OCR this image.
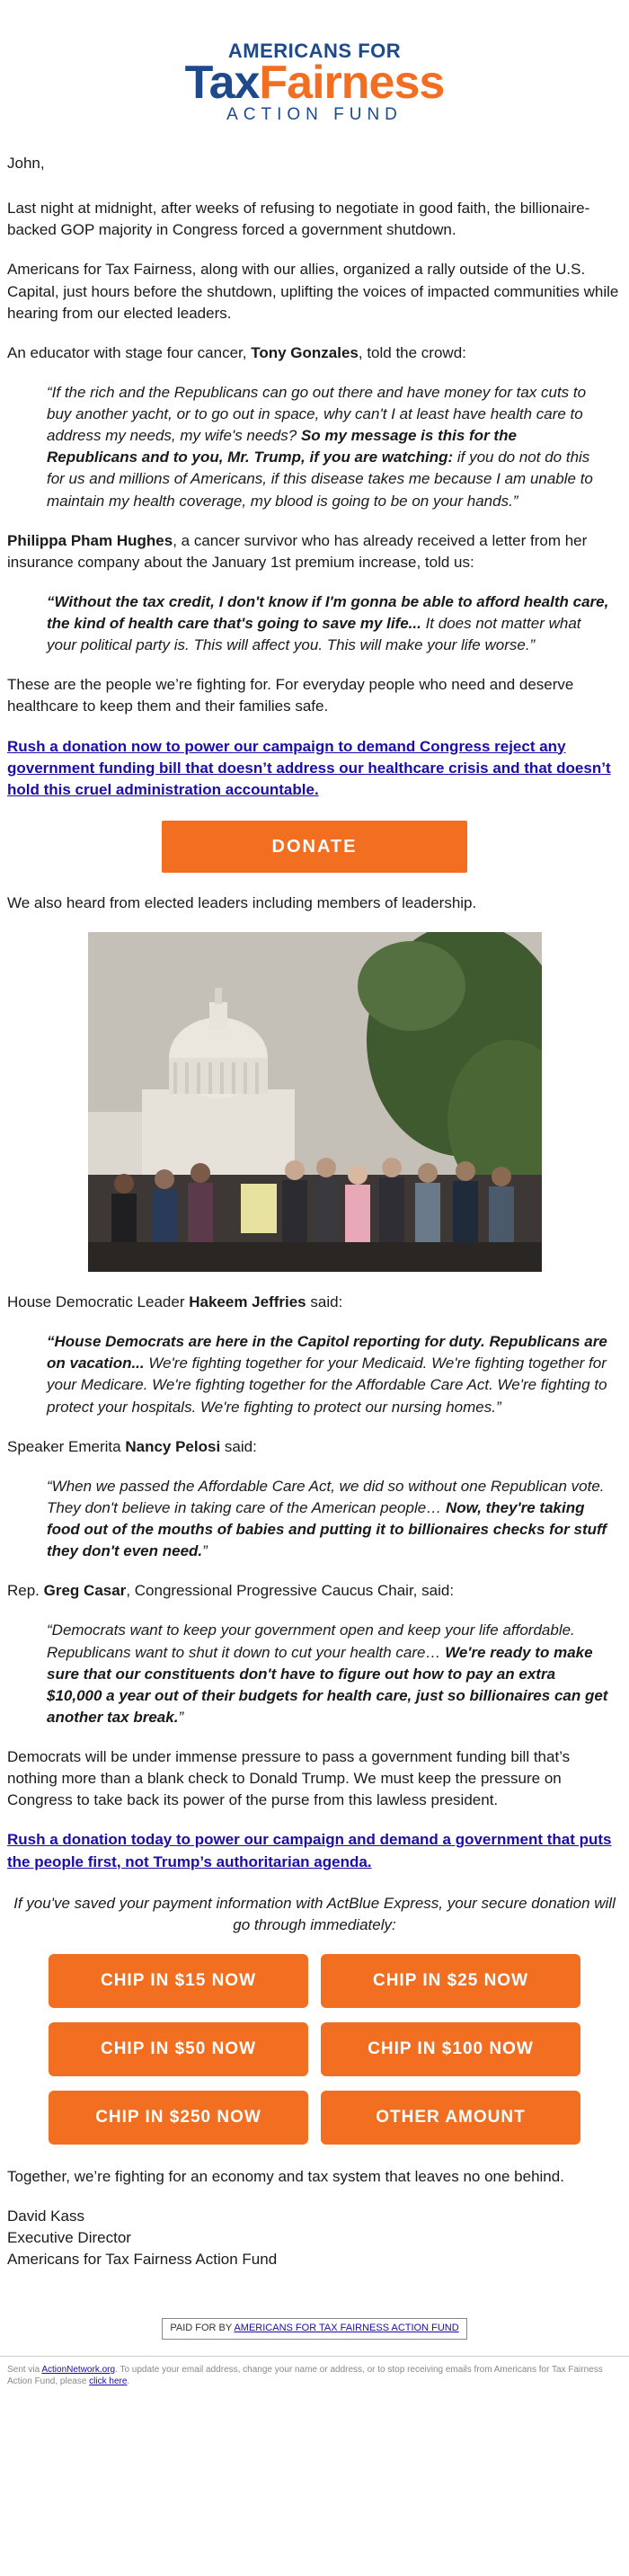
AMERICANS FOR
TaxFairness
ACTION FUND

John,

Last night at midnight, after weeks of refusing to negotiate in good faith, the billionaire-backed GOP majority in Congress forced a government shutdown.

Americans for Tax Fairness, along with our allies, organized a rally outside of the U.S. Capital, just hours before the shutdown, uplifting the voices of impacted communities while hearing from our elected leaders.

An educator with stage four cancer, Tony Gonzales, told the crowd:

“If the rich and the Republicans can go out there and have money for tax cuts to buy another yacht, or to go out in space, why can't I at least have health care to address my needs, my wife's needs? So my message is this for the Republicans and to you, Mr. Trump, if you are watching: if you do not do this for us and millions of Americans, if this disease takes me because I am unable to maintain my health coverage, my blood is going to be on your hands.”

Philippa Pham Hughes, a cancer survivor who has already received a letter from her insurance company about the January 1st premium increase, told us:

“Without the tax credit, I don't know if I'm gonna be able to afford health care, the kind of health care that's going to save my life... It does not matter what your political party is. This will affect you. This will make your life worse.”

These are the people we’re fighting for. For everyday people who need and deserve healthcare to keep them and their families safe.

Rush a donation now to power our campaign to demand Congress reject any government funding bill that doesn’t address our healthcare crisis and that doesn’t hold this cruel administration accountable.
DONATE

We also heard from elected leaders including members of leadership.

House Democratic Leader Hakeem Jeffries said:

“House Democrats are here in the Capitol reporting for duty. Republicans are on vacation... We're fighting together for your Medicaid. We're fighting together for your Medicare. We're fighting together for the Affordable Care Act. We're fighting to protect your hospitals. We're fighting to protect our nursing homes.”

Speaker Emerita Nancy Pelosi said:

“When we passed the Affordable Care Act, we did so without one Republican vote. They don't believe in taking care of the American people… Now, they're taking food out of the mouths of babies and putting it to billionaires checks for stuff they don't even need.”

Rep. Greg Casar, Congressional Progressive Caucus Chair, said:

“Democrats want to keep your government open and keep your life affordable. Republicans want to shut it down to cut your health care… We're ready to make sure that our constituents don't have to figure out how to pay an extra $10,000 a year out of their budgets for health care, just so billionaires can get another tax break.”

Democrats will be under immense pressure to pass a government funding bill that’s nothing more than a blank check to Donald Trump. We must keep the pressure on Congress to take back its power of the purse from this lawless president.

Rush a donation today to power our campaign and demand a government that puts the people first, not Trump’s authoritarian agenda.

If you've saved your payment information with ActBlue Express, your secure donation will go through immediately:

CHIP IN $15 NOW	CHIP IN $25 NOW
CHIP IN $50 NOW	CHIP IN $100 NOW
CHIP IN $250 NOW	OTHER AMOUNT

Together, we’re fighting for an economy and tax system that leaves no one behind.

David Kass

Executive Director

Americans for Tax Fairness Action Fund

PAID FOR BY AMERICANS FOR TAX FAIRNESS ACTION FUND
Sent via ActionNetwork.org. To update your email address, change your name or address, or to stop receiving emails from Americans for Tax Fairness Action Fund, please click here.
